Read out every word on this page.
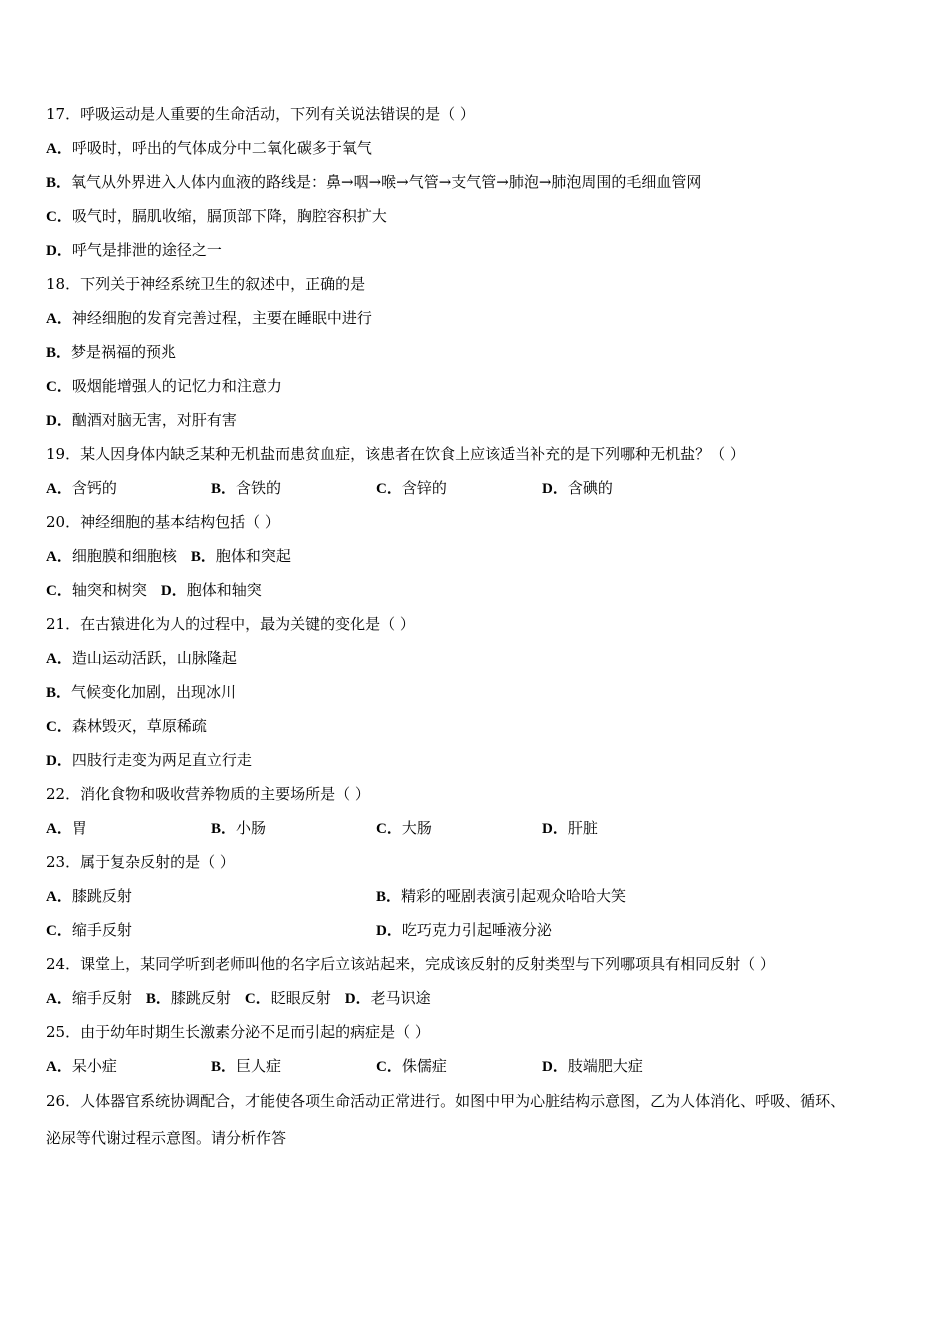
17．呼吸运动是人重要的生命活动，下列有关说法错误的是（ ）
A．呼吸时，呼出的气体成分中二氧化碳多于氧气
B．氧气从外界进入人体内血液的路线是：鼻→咽→喉→气管→支气管→肺泡→肺泡周围的毛细血管网
C．吸气时，膈肌收缩，膈顶部下降，胸腔容积扩大
D．呼气是排泄的途径之一
18．下列关于神经系统卫生的叙述中，正确的是
A．神经细胞的发育完善过程，主要在睡眠中进行
B．梦是祸福的预兆
C．吸烟能增强人的记忆力和注意力
D．酗酒对脑无害，对肝有害
19．某人因身体内缺乏某种无机盐而患贫血症，该患者在饮食上应该适当补充的是下列哪种无机盐？（ ）
A．含钙的	B．含铁的	C．含锌的	D．含碘的
20．神经细胞的基本结构包括（ ）
A．细胞膜和细胞核 B．胞体和突起
C．轴突和树突 D．胞体和轴突
21．在古猿进化为人的过程中，最为关键的变化是（ ）
A．造山运动活跃，山脉隆起
B．气候变化加剧，出现冰川
C．森林毁灭，草原稀疏
D．四肢行走变为两足直立行走
22．消化食物和吸收营养物质的主要场所是（ ）
A．胃	B．小肠	C．大肠	D．肝脏
23．属于复杂反射的是（ ）
A．膝跳反射	B．精彩的哑剧表演引起观众哈哈大笑
C．缩手反射	D．吃巧克力引起唾液分泌
24．课堂上，某同学听到老师叫他的名字后立该站起来，完成该反射的反射类型与下列哪项具有相同反射（ ）
A．缩手反射 B．膝跳反射 C．眨眼反射 D．老马识途
25．由于幼年时期生长激素分泌不足而引起的病症是（ ）
A．呆小症	B．巨人症	C．侏儒症	D．肢端肥大症
26．人体器官系统协调配合，才能使各项生命活动正常进行。如图中甲为心脏结构示意图，乙为人体消化、呼吸、循环、
泌尿等代谢过程示意图。请分析作答
